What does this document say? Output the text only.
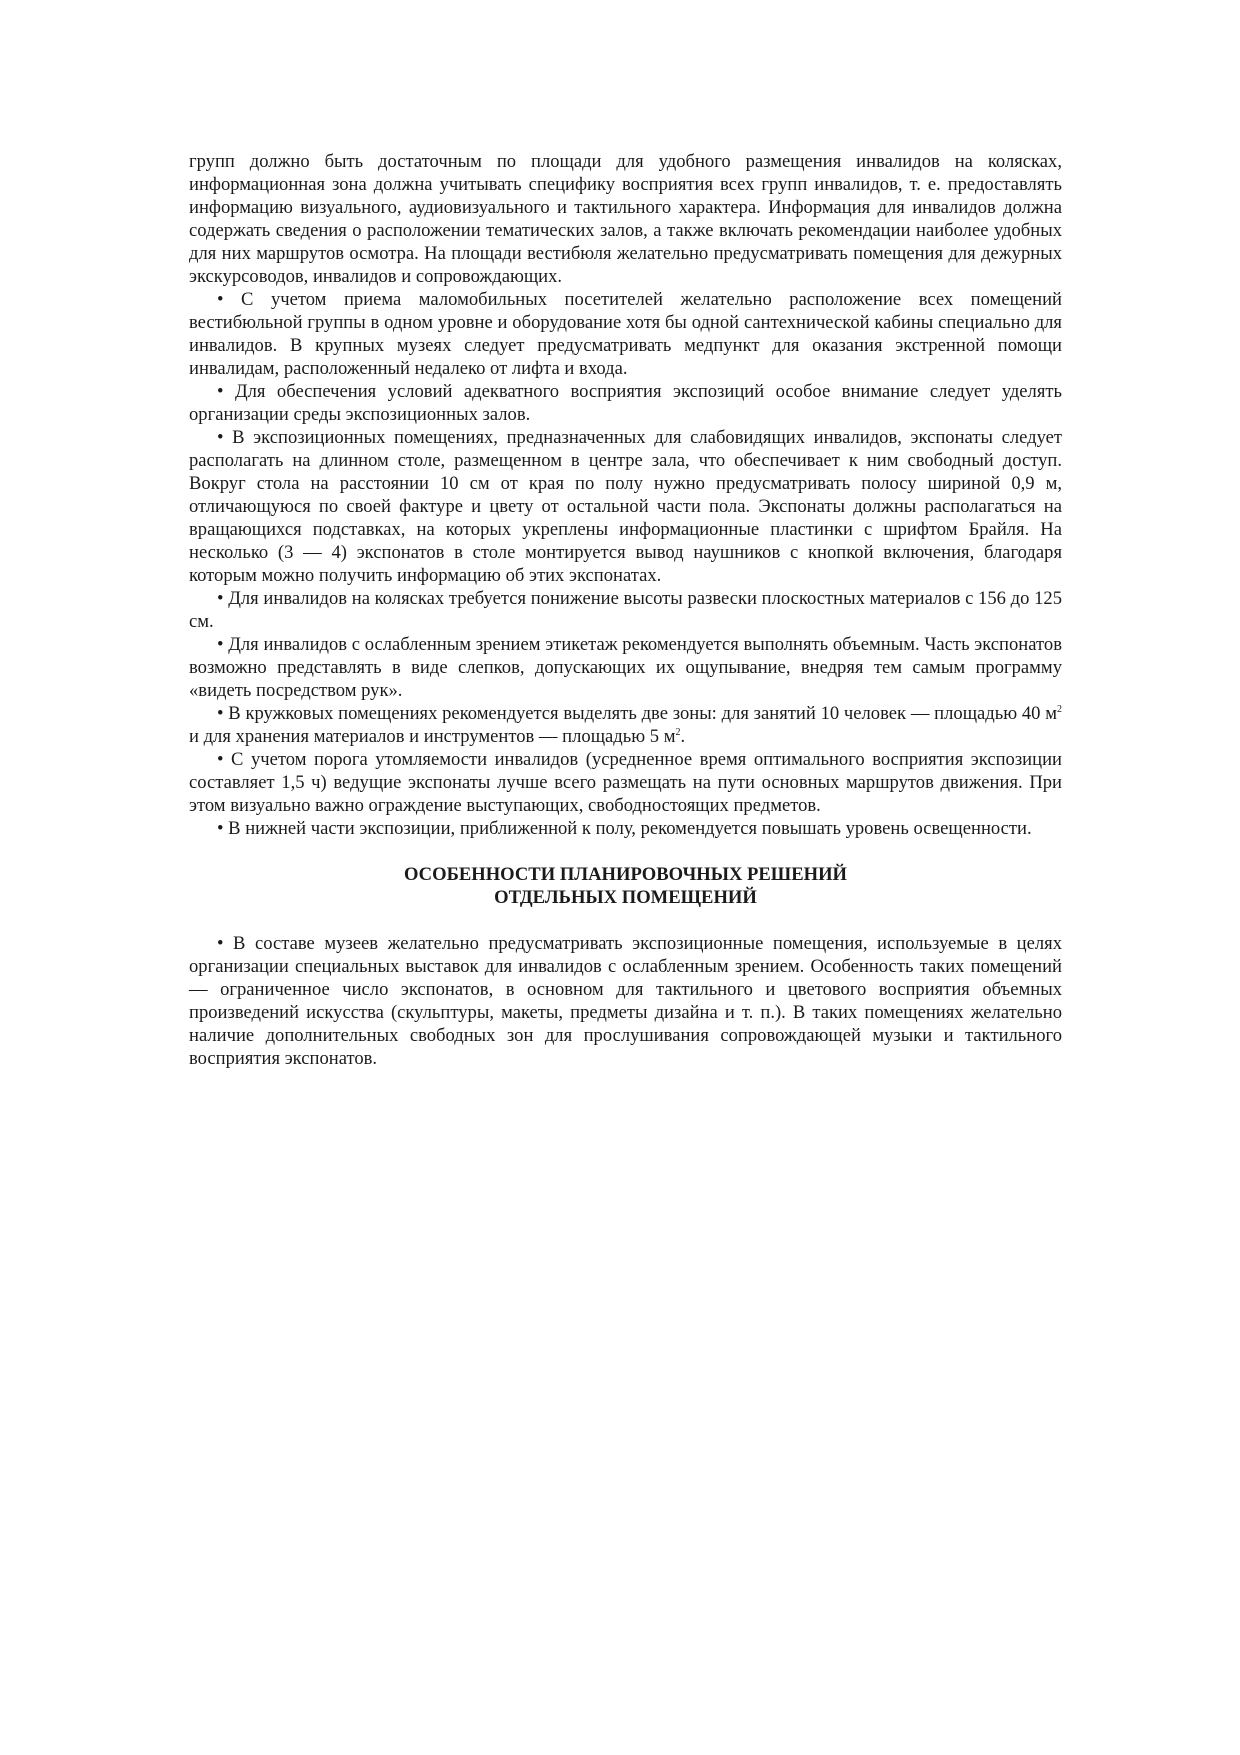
групп должно быть достаточным по площади для удобного размещения инвалидов на колясках, информационная зона должна учитывать специфику восприятия всех групп инвалидов, т. е. предоставлять информацию визуального, аудиовизуального и тактильного характера. Информация для инвалидов должна содержать сведения о расположении тематических залов, а также включать рекомендации наиболее удобных для них маршрутов осмотра. На площади вестибюля желательно предусматривать помещения для дежурных экскурсоводов, инвалидов и сопровождающих.

• С учетом приема маломобильных посетителей желательно расположение всех помещений вестибюльной группы в одном уровне и оборудование хотя бы одной сантехнической кабины специально для инвалидов. В крупных музеях следует предусматривать медпункт для оказания экстренной помощи инвалидам, расположенный недалеко от лифта и входа.

• Для обеспечения условий адекватного восприятия экспозиций особое внимание следует уделять организации среды экспозиционных залов.

• В экспозиционных помещениях, предназначенных для слабовидящих инвалидов, экспонаты следует располагать на длинном столе, размещенном в центре зала, что обеспечивает к ним свободный доступ. Вокруг стола на расстоянии 10 см от края по полу нужно предусматривать полосу шириной 0,9 м, отличающуюся по своей фактуре и цвету от остальной части пола. Экспонаты должны располагаться на вращающихся подставках, на которых укреплены информационные пластинки с шрифтом Брайля. На несколько (3 — 4) экспонатов в столе монтируется вывод наушников с кнопкой включения, благодаря которым можно получить информацию об этих экспонатах.

• Для инвалидов на колясках требуется понижение высоты развески плоскостных материалов с 156 до 125 см.

• Для инвалидов с ослабленным зрением этикетаж рекомендуется выполнять объемным. Часть экспонатов возможно представлять в виде слепков, допускающих их ощупывание, внедряя тем самым программу «видеть посредством рук».

• В кружковых помещениях рекомендуется выделять две зоны: для занятий 10 человек — площадью 40 $м^2$ и для хранения материалов и инструментов — площадью 5 $м^2$.

• С учетом порога утомляемости инвалидов (усредненное время оптимального восприятия экспозиции составляет 1,5 ч) ведущие экспонаты лучше всего размещать на пути основных маршрутов движения. При этом визуально важно ограждение выступающих, свободностоящих предметов.

• В нижней части экспозиции, приближенной к полу, рекомендуется повышать уровень освещенности.

ОСОБЕННОСТИ ПЛАНИРОВОЧНЫХ РЕШЕНИЙ
ОТДЕЛЬНЫХ ПОМЕЩЕНИЙ

• В составе музеев желательно предусматривать экспозиционные помещения, используемые в целях организации специальных выставок для инвалидов с ослабленным зрением. Особенность таких помещений — ограниченное число экспонатов, в основном для тактильного и цветового восприятия объемных произведений искусства (скульптуры, макеты, предметы дизайна и т. п.). В таких помещениях желательно наличие дополнительных свободных зон для прослушивания сопровождающей музыки и тактильного восприятия экспонатов.
